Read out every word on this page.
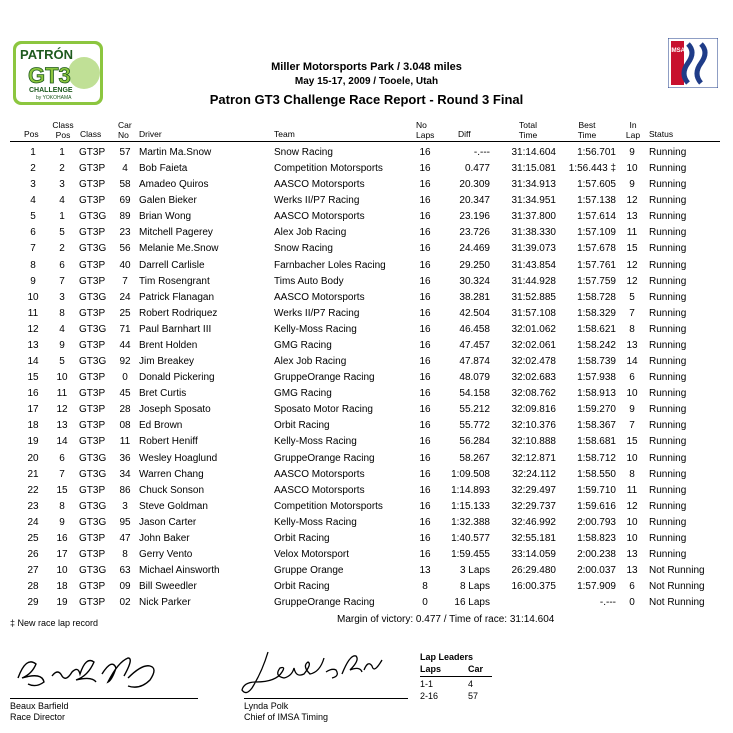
PATRÓN
GT3
CHALLENGE
by YOKOHAMA
IMSA
Miller Motorsports Park / 3.048 miles
May 15-17, 2009 / Tooele, Utah
Patron GT3 Challenge Race Report - Round 3 Final
Pos
Class Pos	Class
Car No	Driver	Team
No Laps	Diff
Total Time
Best Time
In Lap Status
1	1	GT3P	57 Martin Ma.Snow	Snow Racing	16	-.---	31:14.604	1:56.701	9	Running
2	2	GT3P	4	Bob Faieta	Competition Motorsports	16	0.477	31:15.081	1:56.443 ‡	10	Running
3	3	GT3P	58 Amadeo Quiros	AASCO Motorsports	16	20.309	31:34.913	1:57.605	9	Running
4	4	GT3P	69 Galen Bieker	Werks II/P7 Racing	16	20.347	31:34.951	1:57.138	12	Running
5	1	GT3G	89 Brian Wong	AASCO Motorsports	16	23.196	31:37.800	1:57.614	13	Running
6	5	GT3P	23 Mitchell Pagerey	Alex Job Racing	16	23.726	31:38.330	1:57.109	11	Running
7	2	GT3G	56 Melanie Me.Snow	Snow Racing	16	24.469	31:39.073	1:57.678	15	Running
8	6	GT3P	40 Darrell Carlisle	Farnbacher Loles Racing	16	29.250	31:43.854	1:57.761	12	Running
9	7	GT3P	7	Tim Rosengrant	Tims Auto Body	16	30.324	31:44.928	1:57.759	12	Running
10	3	GT3G	24 Patrick Flanagan	AASCO Motorsports	16	38.281	31:52.885	1:58.728	5	Running
11	8	GT3P	25 Robert Rodriquez	Werks II/P7 Racing	16	42.504	31:57.108	1:58.329	7	Running
12	4	GT3G	71 Paul Barnhart III	Kelly-Moss Racing	16	46.458	32:01.062	1:58.621	8	Running
13	9	GT3P	44 Brent Holden	GMG Racing	16	47.457	32:02.061	1:58.242	13	Running
14	5	GT3G	92 Jim Breakey	Alex Job Racing	16	47.874	32:02.478	1:58.739	14	Running
15	10	GT3P	0	Donald Pickering	GruppeOrange Racing	16	48.079	32:02.683	1:57.938	6	Running
16	11	GT3P	45 Bret Curtis	GMG Racing	16	54.158	32:08.762	1:58.913	10	Running
17	12	GT3P	28 Joseph Sposato	Sposato Motor Racing	16	55.212	32:09.816	1:59.270	9	Running
18	13	GT3P	08 Ed Brown	Orbit Racing	16	55.772	32:10.376	1:58.367	7	Running
19	14	GT3P	11 Robert Heniff	Kelly-Moss Racing	16	56.284	32:10.888	1:58.681	15	Running
20	6	GT3G	36 Wesley Hoaglund	GruppeOrange Racing	16	58.267	32:12.871	1:58.712	10	Running
21	7	GT3G	34 Warren Chang	AASCO Motorsports	16	1:09.508	32:24.112	1:58.550	8	Running
22	15	GT3P	86 Chuck Sonson	AASCO Motorsports	16	1:14.893	32:29.497	1:59.710	11	Running
23	8	GT3G	3	Steve Goldman	Competition Motorsports	16	1:15.133	32:29.737	1:59.616	12	Running
24	9	GT3G	95 Jason Carter	Kelly-Moss Racing	16	1:32.388	32:46.992	2:00.793	10	Running
25	16	GT3P	47 John Baker	Orbit Racing	16	1:40.577	32:55.181	1:58.823	10	Running
26	17	GT3P	8	Gerry Vento	Velox Motorsport	16	1:59.455	33:14.059	2:00.238	13	Running
27	10	GT3G	63 Michael Ainsworth	Gruppe Orange	13	3 Laps	26:29.480	2:00.037	13	Not Running
28	18	GT3P	09 Bill Sweedler	Orbit Racing	8	8 Laps	16:00.375	1:57.909	6	Not Running
29	19	GT3P	02 Nick Parker	GruppeOrange Racing	0	16 Laps	-.---	0	Not Running
‡ New race lap record	Margin of victory: 0.477 / Time of race: 31:14.604
Beaux Barfield
Race Director
Lynda Polk
Chief of IMSA Timing
Lap Leaders
Laps	Car
1-1	4
2-16	57
